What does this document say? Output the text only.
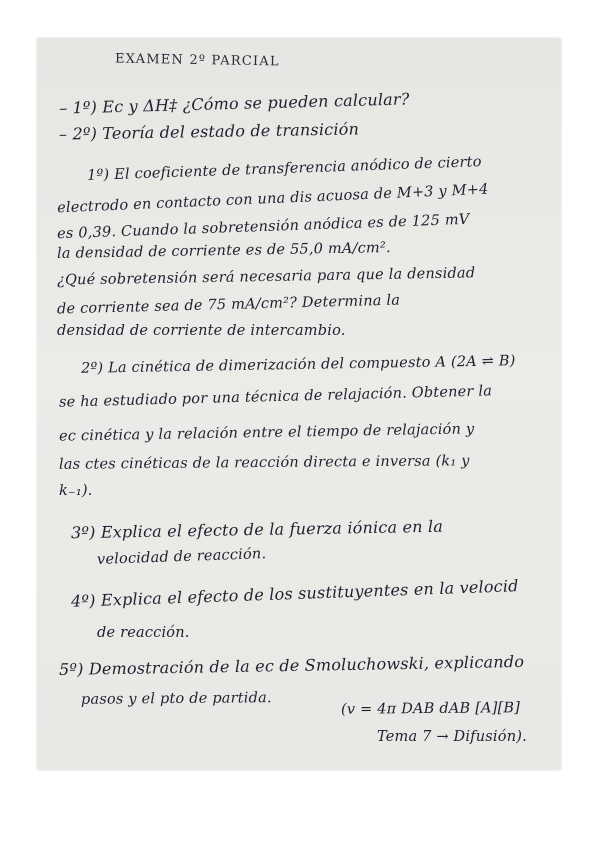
EXAMEN 2º PARCIAL
– 1º) Ec y ΔH‡ ¿Cómo se pueden calcular?
– 2º) Teoría del estado de transición
1º) El coeficiente de transferencia anódico de cierto
electrodo en contacto con una dis acuosa de M+3 y M+4
es 0,39. Cuando la sobretensión anódica es de 125 mV
la densidad de corriente es de 55,0 mA/cm².
¿Qué sobretensión será necesaria para que la densidad
de corriente sea de 75 mA/cm²? Determina la
densidad de corriente de intercambio.
2º) La cinética de dimerización del compuesto A (2A ⇌ B)
se ha estudiado por una técnica de relajación. Obtener la
ec cinética y la relación entre el tiempo de relajación y
las ctes cinéticas de la reacción directa e inversa (k₁ y
k₋₁).
3º) Explica el efecto de la fuerza iónica en la
velocidad de reacción.
4º) Explica el efecto de los sustituyentes en la velocid
de reacción.
5º) Demostración de la ec de Smoluchowski, explicando
pasos y el pto de partida.
(v = 4π DAB dAB [A][B]
Tema 7 → Difusión).
